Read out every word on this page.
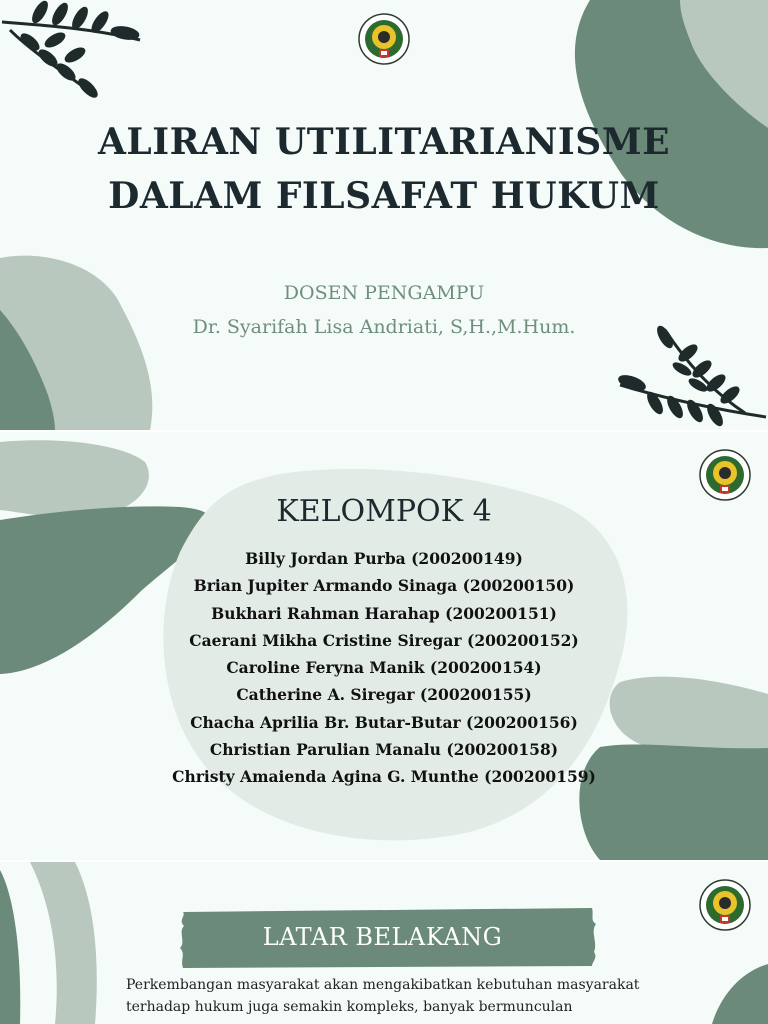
ALIRAN UTILITARIANISME
DALAM FILSAFAT HUKUM
DOSEN PENGAMPU
Dr. Syarifah Lisa Andriati, S,H.,M.Hum.
KELOMPOK 4
Billy Jordan Purba (200200149)
Brian Jupiter Armando Sinaga (200200150)
Bukhari Rahman Harahap (200200151)
Caerani Mikha Cristine Siregar (200200152)
Caroline Feryna Manik (200200154)
Catherine A. Siregar (200200155)
Chacha Aprilia Br. Butar-Butar (200200156)
Christian Parulian Manalu (200200158)
Christy Amaienda Agina G. Munthe (200200159)
LATAR BELAKANG
Perkembangan masyarakat akan mengakibatkan kebutuhan masyarakat
terhadap hukum juga semakin kompleks, banyak bermunculan
